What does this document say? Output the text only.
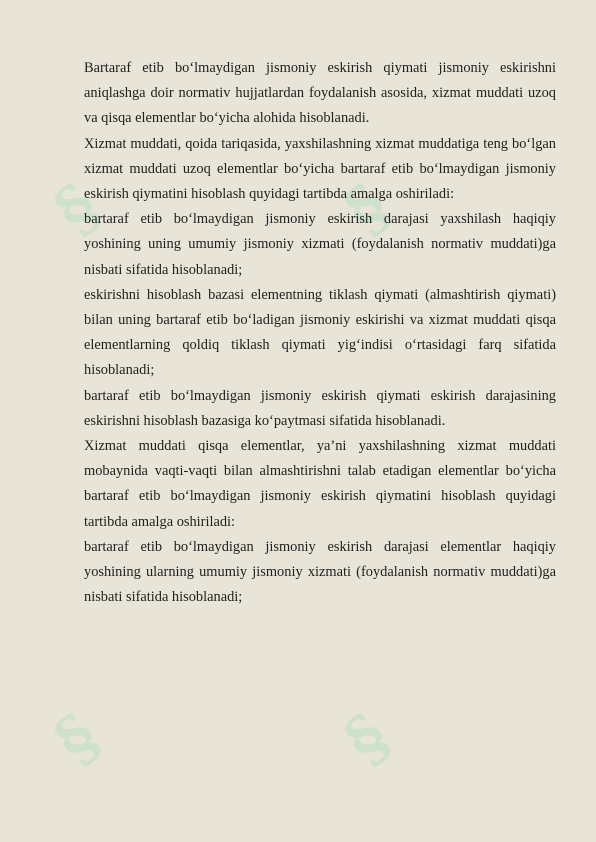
§	§
§	§

Bartaraf etib bo‘lmaydigan jismoniy eskirish qiymati jismoniy eskirishni aniqlashga doir normativ hujjatlardan foydalanish asosida, xizmat muddati uzoq va qisqa elementlar bo‘yicha alohida hisoblanadi.

Xizmat muddati, qoida tariqasida, yaxshilashning xizmat muddatiga teng bo‘lgan xizmat muddati uzoq elementlar bo‘yicha bartaraf etib bo‘lmaydigan jismoniy eskirish qiymatini hisoblash quyidagi tartibda amalga oshiriladi:

bartaraf etib bo‘lmaydigan jismoniy eskirish darajasi yaxshilash haqiqiy yoshining uning umumiy jismoniy xizmati (foydalanish normativ muddati)ga nisbati sifatida hisoblanadi;

eskirishni hisoblash bazasi elementning tiklash qiymati (almashtirish qiymati) bilan uning bartaraf etib bo‘ladigan jismoniy eskirishi va xizmat muddati qisqa elementlarning qoldiq tiklash qiymati yig‘indisi o‘rtasidagi farq sifatida hisoblanadi;

bartaraf etib bo‘lmaydigan jismoniy eskirish qiymati eskirish darajasining eskirishni hisoblash bazasiga ko‘paytmasi sifatida hisoblanadi.

Xizmat muddati qisqa elementlar, ya’ni yaxshilashning xizmat muddati mobaynida vaqti-vaqti bilan almashtirishni talab etadigan elementlar bo‘yicha bartaraf etib bo‘lmaydigan jismoniy eskirish qiymatini hisoblash quyidagi tartibda amalga oshiriladi:

bartaraf etib bo‘lmaydigan jismoniy eskirish darajasi elementlar haqiqiy yoshining ularning umumiy jismoniy xizmati (foydalanish normativ muddati)ga nisbati sifatida hisoblanadi;
